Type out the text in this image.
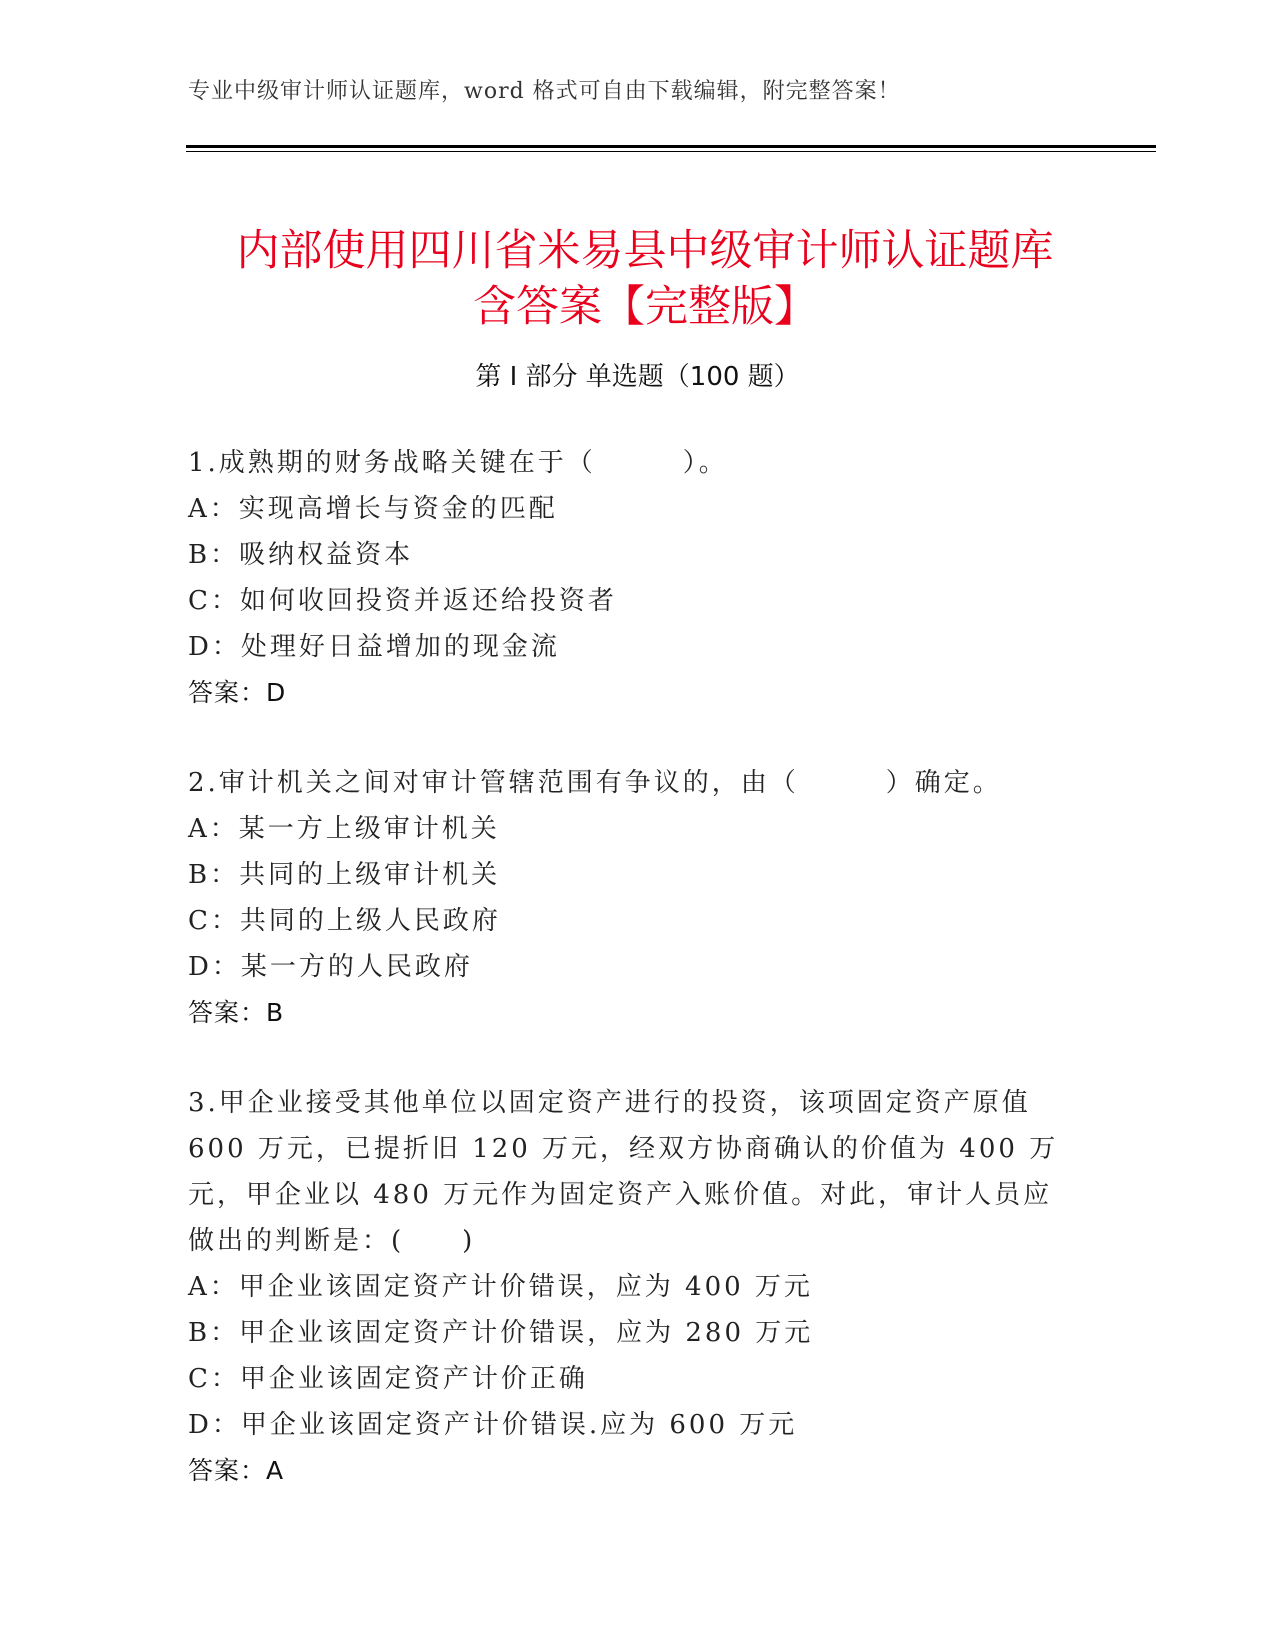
专业中级审计师认证题库，word 格式可自由下载编辑，附完整答案！
内部使用四川省米易县中级审计师认证题库
含答案【完整版】
第 I 部分 单选题（100 题）
1.成熟期的财务战略关键在于（　　　）。
A：实现高增长与资金的匹配
B：吸纳权益资本
C：如何收回投资并返还给投资者
D：处理好日益增加的现金流
答案：D
2.审计机关之间对审计管辖范围有争议的，由（　　　）确定。
A：某一方上级审计机关
B：共同的上级审计机关
C：共同的上级人民政府
D：某一方的人民政府
答案：B
3.甲企业接受其他单位以固定资产进行的投资，该项固定资产原值 600 万元，已提折旧 120 万元，经双方协商确认的价值为 400 万元，甲企业以 480 万元作为固定资产入账价值。对此，审计人员应做出的判断是：(　　)
A：甲企业该固定资产计价错误，应为 400 万元
B：甲企业该固定资产计价错误，应为 280 万元
C：甲企业该固定资产计价正确
D：甲企业该固定资产计价错误.应为 600 万元
答案：A
